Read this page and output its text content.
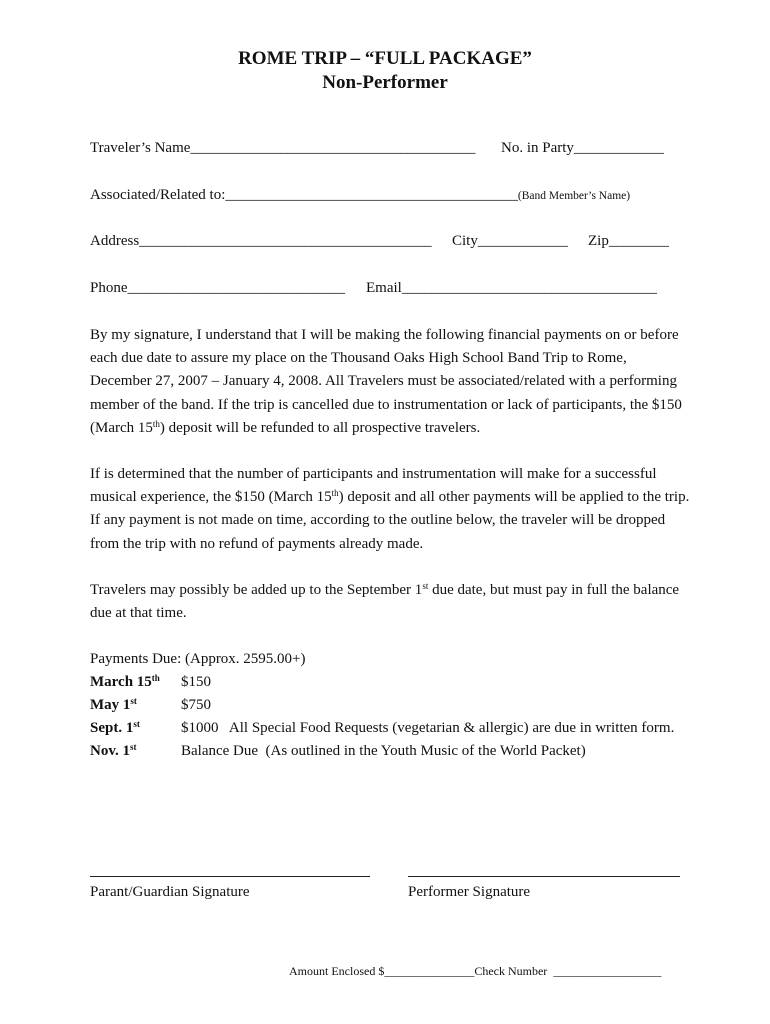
ROME TRIP – “FULL PACKAGE”
Non-Performer
Traveler’s Name______________________________________ No. in Party____________
Associated/Related to:_______________________________________(Band Member’s Name)
Address_______________________________________ City____________ Zip________
Phone_____________________________ Email__________________________________
By my signature, I understand that I will be making the following financial payments on or before each due date to assure my place on the Thousand Oaks High School Band Trip to Rome, December 27, 2007 – January 4, 2008. All Travelers must be associated/related with a performing member of the band. If the trip is cancelled due to instrumentation or lack of participants, the $150 (March 15th) deposit will be refunded to all prospective travelers.
If is determined that the number of participants and instrumentation will make for a successful musical experience, the $150 (March 15th) deposit and all other payments will be applied to the trip. If any payment is not made on time, according to the outline below, the traveler will be dropped from the trip with no refund of payments already made.
Travelers may possibly be added up to the September 1st due date, but must pay in full the balance due at that time.
Payments Due: (Approx. 2595.00+)
March 15th $150
May 1st	$750
Sept. 1st	$1000   All Special Food Requests (vegetarian & allergic) are due in written form.
Nov. 1st	Balance Due  (As outlined in the Youth Music of the World Packet)
Parant/Guardian Signature	Performer Signature
Amount Enclosed $_______________Check Number __________________
